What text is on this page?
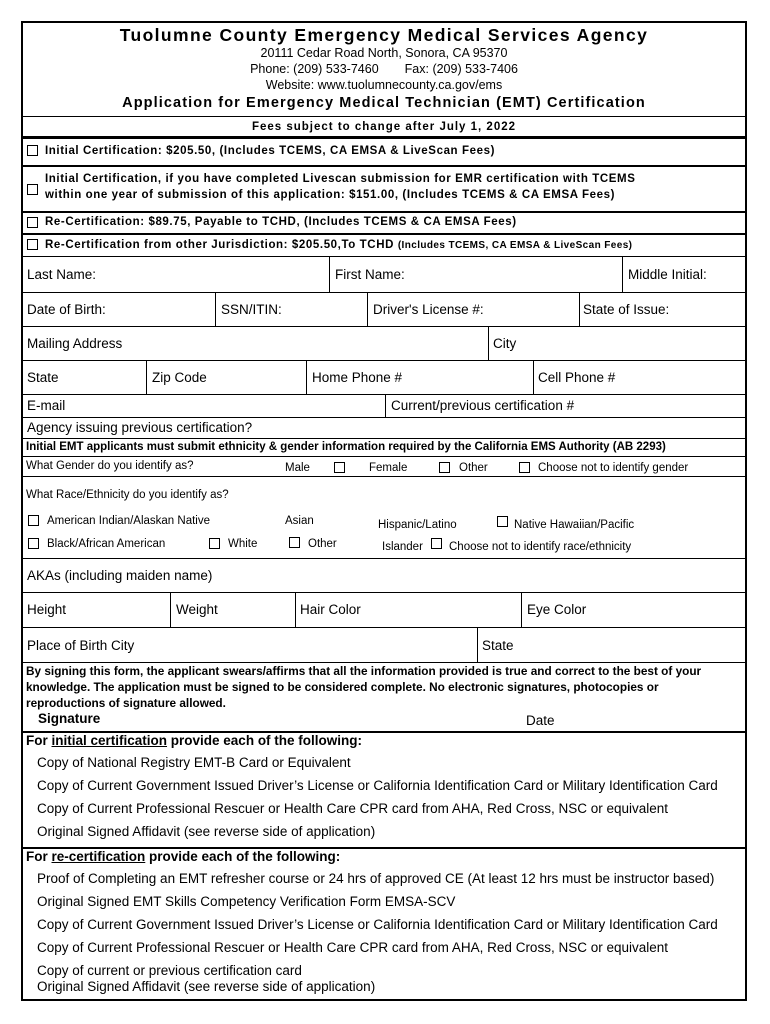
Tuolumne County Emergency Medical Services Agency
20111 Cedar Road North, Sonora, CA 95370
Phone: (209) 533-7460 Fax: (209) 533-7406
Website: www.tuolumnecounty.ca.gov/ems
Application for Emergency Medical Technician (EMT) Certification
Fees subject to change after July 1, 2022
Initial Certification: $205.50, (Includes TCEMS, CA EMSA & LiveScan Fees)
Initial Certification, if you have completed Livescan submission for EMR certification with TCEMS
within one year of submission of this application: $151.00, (Includes TCEMS & CA EMSA Fees)
Re-Certification: $89.75, Payable to TCHD, (Includes TCEMS & CA EMSA Fees)
Re-Certification from other Jurisdiction: $205.50,To TCHD (Includes TCEMS, CA EMSA & LiveScan Fees)
Last Name:	First Name:	Middle Initial:
Date of Birth:	SSN/ITIN:	Driver's License #:	State of Issue:
Mailing Address	City
State	Zip Code	Home Phone #	Cell Phone #
E-mail	Current/previous certification #
Agency issuing previous certification?
Initial EMT applicants must submit ethnicity & gender information required by the California EMS Authority (AB 2293)
What Gender do you identify as?	Male	Female	Other	Choose not to identify gender
What Race/Ethnicity do you identify as?
American Indian/Alaskan Native	Asian	Hispanic/Latino	Native Hawaiian/Pacific
Black/African American	White	Other	Islander Choose not to identify race/ethnicity
AKAs (including maiden name)
Height	Weight	Hair Color	Eye Color
Place of Birth City	State
By signing this form, the applicant swears/affirms that all the information provided is true and correct to the best of your
knowledge. The application must be signed to be considered complete. No electronic signatures, photocopies or
reproductions of signature allowed.
Signature	Date
For initial certification provide each of the following:
Copy of National Registry EMT-B Card or Equivalent
Copy of Current Government Issued Driver’s License or California Identification Card or Military Identification Card
Copy of Current Professional Rescuer or Health Care CPR card from AHA, Red Cross, NSC or equivalent
Original Signed Affidavit (see reverse side of application)
For re-certification provide each of the following:
Proof of Completing an EMT refresher course or 24 hrs of approved CE (At least 12 hrs must be instructor based)
Original Signed EMT Skills Competency Verification Form EMSA-SCV
Copy of Current Government Issued Driver’s License or California Identification Card or Military Identification Card
Copy of Current Professional Rescuer or Health Care CPR card from AHA, Red Cross, NSC or equivalent
Copy of current or previous certification card
Original Signed Affidavit (see reverse side of application)
